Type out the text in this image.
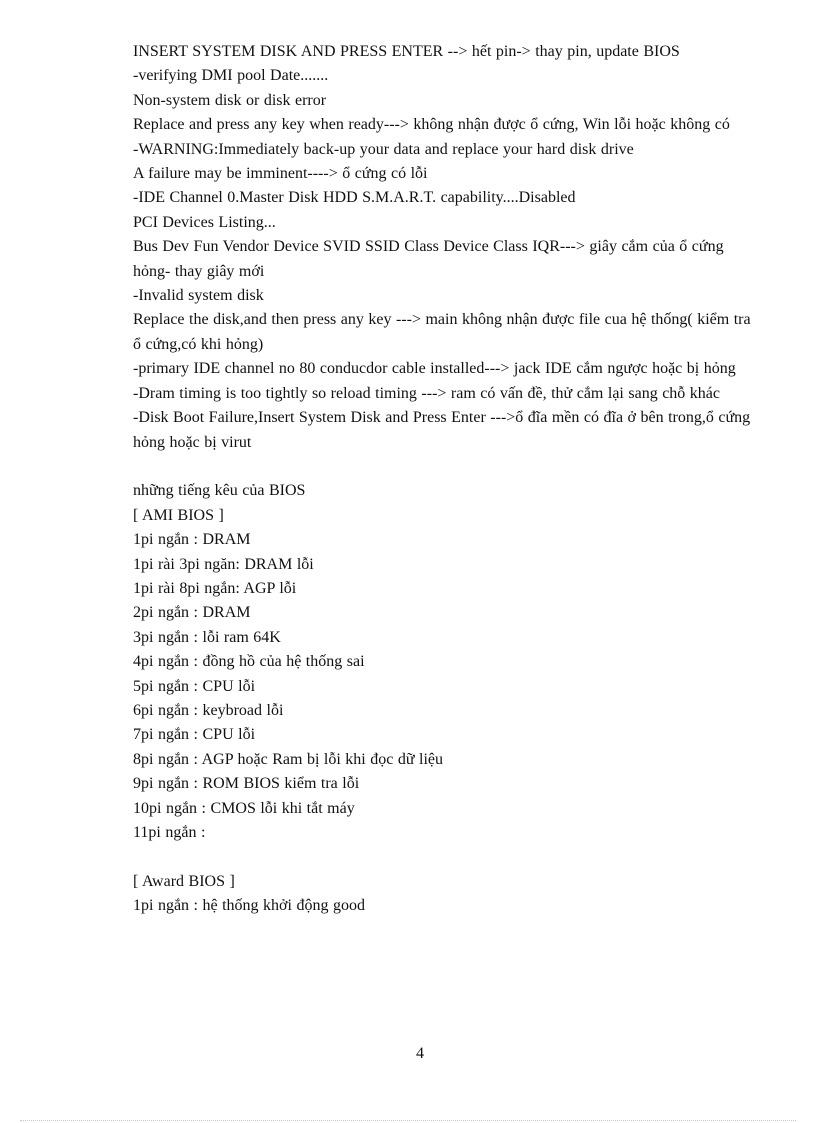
INSERT SYSTEM DISK AND PRESS ENTER --> hết pin-> thay pin, update BIOS
-verifying DMI pool Date.......
Non-system disk or disk error
Replace and press any key when ready---> không nhận được ổ cứng, Win lỗi hoặc không có
-WARNING:Immediately back-up your data and replace your hard disk drive
A failure may be imminent----> ổ cứng có lỗi
-IDE Channel 0.Master Disk HDD S.M.A.R.T. capability....Disabled
PCI Devices Listing...
Bus Dev Fun Vendor Device SVID SSID Class Device Class IQR---> giây cắm của ổ cứng hỏng- thay giây mới
-Invalid system disk
Replace the disk,and then press any key ---> main không nhận được file cua hệ thống( kiểm tra ổ cứng,có khi hỏng)
-primary IDE channel no 80 conducdor cable installed---> jack IDE cắm ngược hoặc bị hỏng
-Dram timing is too tightly so reload timing ---> ram có vấn đề, thử cắm lại sang chỗ khác
-Disk Boot Failure,Insert System Disk and Press Enter --->ổ đĩa mền có đĩa ở bên trong,ổ cứng hỏng hoặc bị virut
những tiếng kêu của BIOS
[ AMI BIOS ]
1pi ngắn : DRAM
1pi rài 3pi ngăn: DRAM lỗi
1pi rài 8pi ngắn: AGP lỗi
2pi ngắn : DRAM
3pi ngắn : lỗi ram 64K
4pi ngắn : đồng hồ của hệ thống sai
5pi ngắn : CPU lỗi
6pi ngắn : keybroad lỗi
7pi ngắn : CPU lỗi
8pi ngắn : AGP hoặc Ram bị lỗi khi đọc dữ liệu
9pi ngắn : ROM BIOS kiểm tra lỗi
10pi ngắn : CMOS lỗi khi tắt máy
11pi ngắn :
[ Award BIOS ]
1pi ngắn : hệ thống khởi động good
4
